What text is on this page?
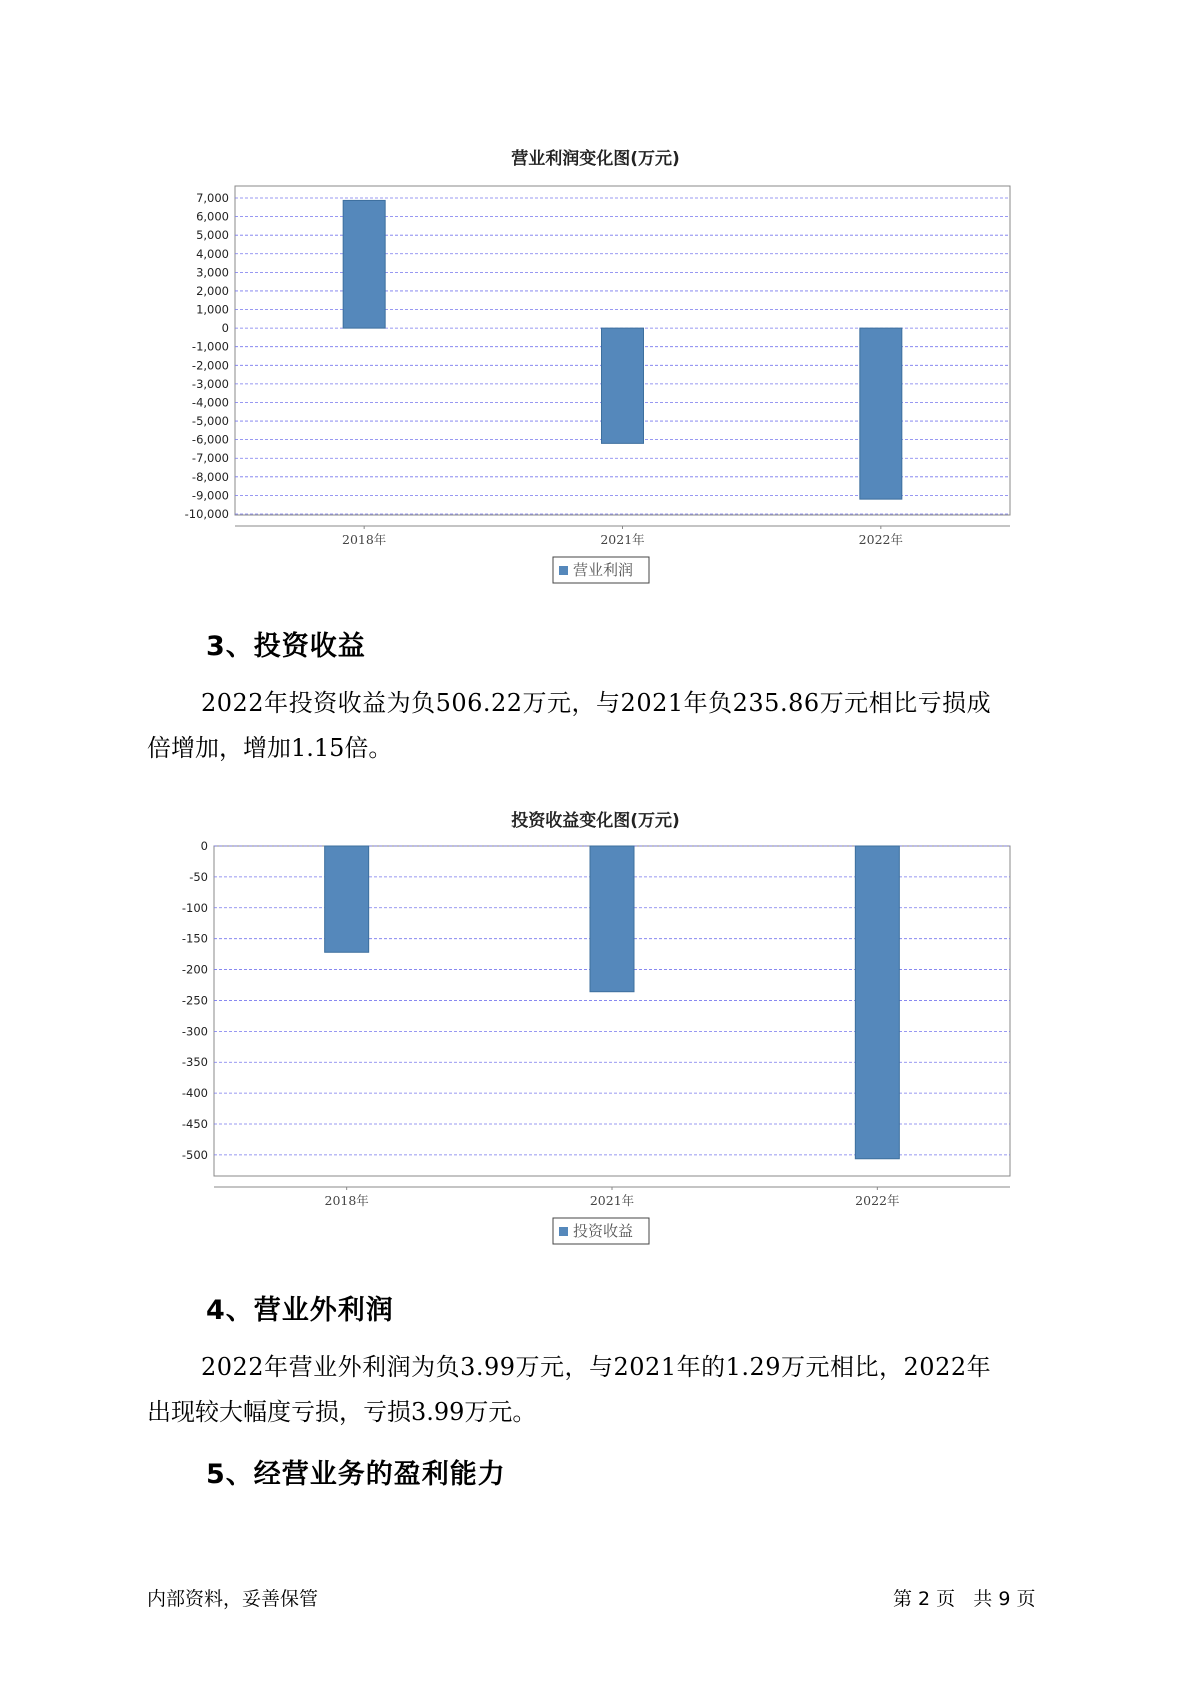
营业利润变化图(万元)
7,000
6,000
5,000
4,000
3,000
2,000
1,000
0
-1,000
-2,000
-3,000
-4,000
-5,000
-6,000
-7,000
-8,000
-9,000
-10,000
2018年	2021年	2022年
营业利润
3、投资收益

2022年投资收益为负506.22万元，与2021年负235.86万元相比亏损成
倍增加，增加1.15倍。

投资收益变化图(万元)
0
-50
-100
-150
-200
-250
-300
-350
-400
-450
-500
2018年	2021年	2022年
投资收益
4、营业外利润

2022年营业外利润为负3.99万元，与2021年的1.29万元相比，2022年
出现较大幅度亏损，亏损3.99万元。

5、经营业务的盈利能力
内部资料，妥善保管	第 2 页   共 9 页
